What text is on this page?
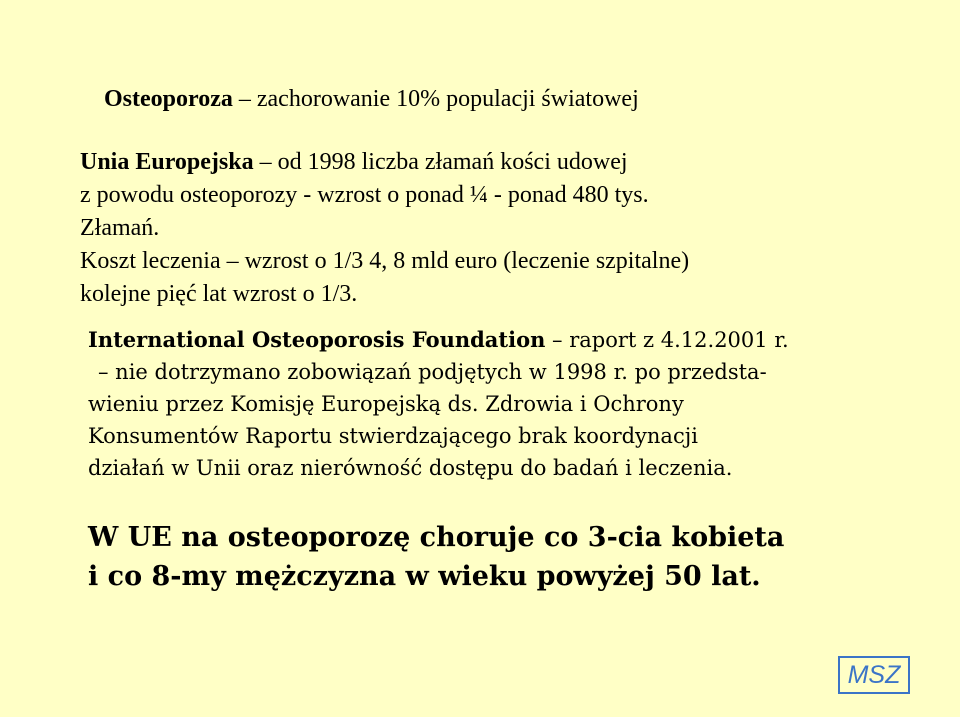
Osteoporoza – zachorowanie 10% populacji światowej
Unia Europejska – od 1998 liczba złamań kości udowej
z powodu osteoporozy - wzrost o ponad ¼ - ponad 480 tys.
Złamań.
Koszt leczenia – wzrost o 1/3 4, 8 mld euro (leczenie szpitalne)
kolejne pięć lat wzrost o 1/3.
International Osteoporosis Foundation – raport z 4.12.2001 r.
– nie dotrzymano zobowiązań podjętych w 1998 r. po przedsta-
wieniu przez Komisję Europejską ds. Zdrowia i Ochrony
Konsumentów Raportu stwierdzającego brak koordynacji
działań w Unii oraz nierówność dostępu do badań i leczenia.
W UE na osteoporozę choruje co 3-cia kobieta
i co 8-my mężczyzna w wieku powyżej 50 lat.
MSZ
